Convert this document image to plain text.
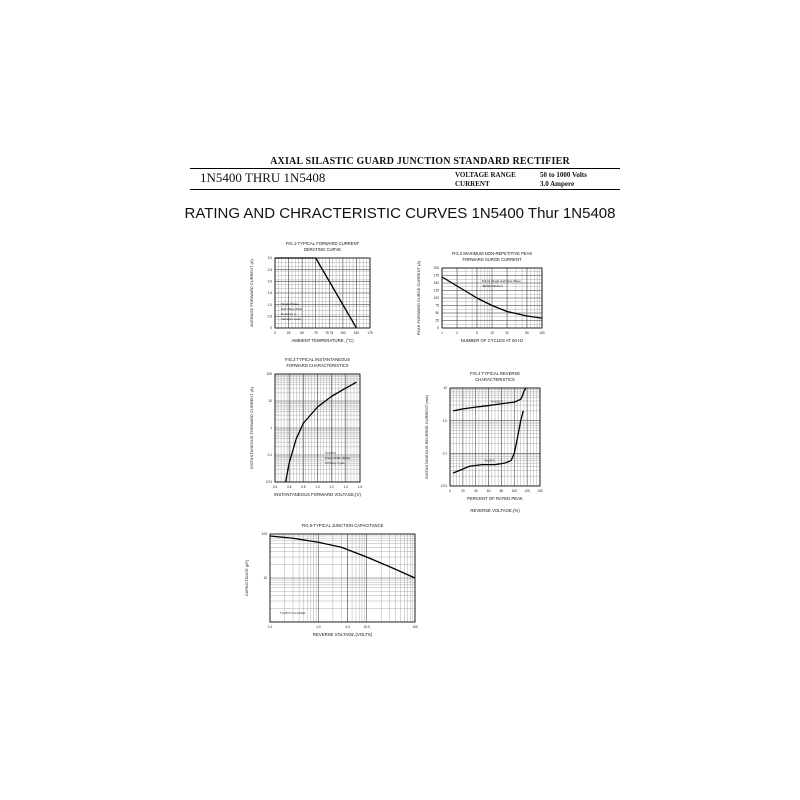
AXIAL SILASTIC GUARD JUNCTION STANDARD RECTIFIER
1N5400 THRU 1N5408	VOLTAGE RANGE	50 to 1000 Volts
CURRENT	3.0 Ampere
RATING AND CHRACTERISTIC CURVES 1N5400 Thur 1N5408
0	25	50	75 75 75 100	150	175
0
0.5
1.0
1.5
2.0
2.5
3.0
FIG.1-TYPICAL FORWARD CURRENT
DERATING CURVE
AMBIENT TEMPERATURE. (°C)
AVERAGE FORWARD CURRENT (A)	Single Phase
Half Wave 60Hz
Resistive or
Inductive Load
1	2	5	10	20	50	100
0
25
50
75
100
125
150
175
200
FIG.2 MAXIMUM NON-REPETITIVE PEAK
FORWARD SURGE CURRENT
NUMBER OF CYCLES AT 60 Hz
PEAK FORWARD SURGE CURRENT (A)	8.3ms Single Half Sine Wave
JEDEC Method
0.4	0.6	0.8	1.0	1.2	1.4	1.6
0.01
0.1
1
10
100
FIG.3 TYPICAL INSTANTANEOUS
FORWARD CHARACTERISTICS
INSTANTANEOUS FORWARD VOLTAGE,(V)
INSTANTANEOUS FORWARD CURRENT (A)	Tⱼ=25°C
Pulse Width 300μs
1% Duty Cycle
0	20	40	60	80	100 120 140
0.01
0.1
1.0
10
FIG.4 TYPICAL REVERSE
CHARACTERISTICS
PERCENT OF RATED PEAK
REVERSE VOLTAGE,(%)
INSTANTANEOUS REVERSE CURRENT (mA)	Tⱼ=100°C
Tⱼ=25°C
0.1	1.0	4.0	10.0	100
10
100
FIG.5-TYPICAL JUNCTION CAPACITANCE
REVERSE VOLTAGE,(VOLTS)
CAPACITANCE (pF)
Tⱼ=25°C f=1.0 MHz
